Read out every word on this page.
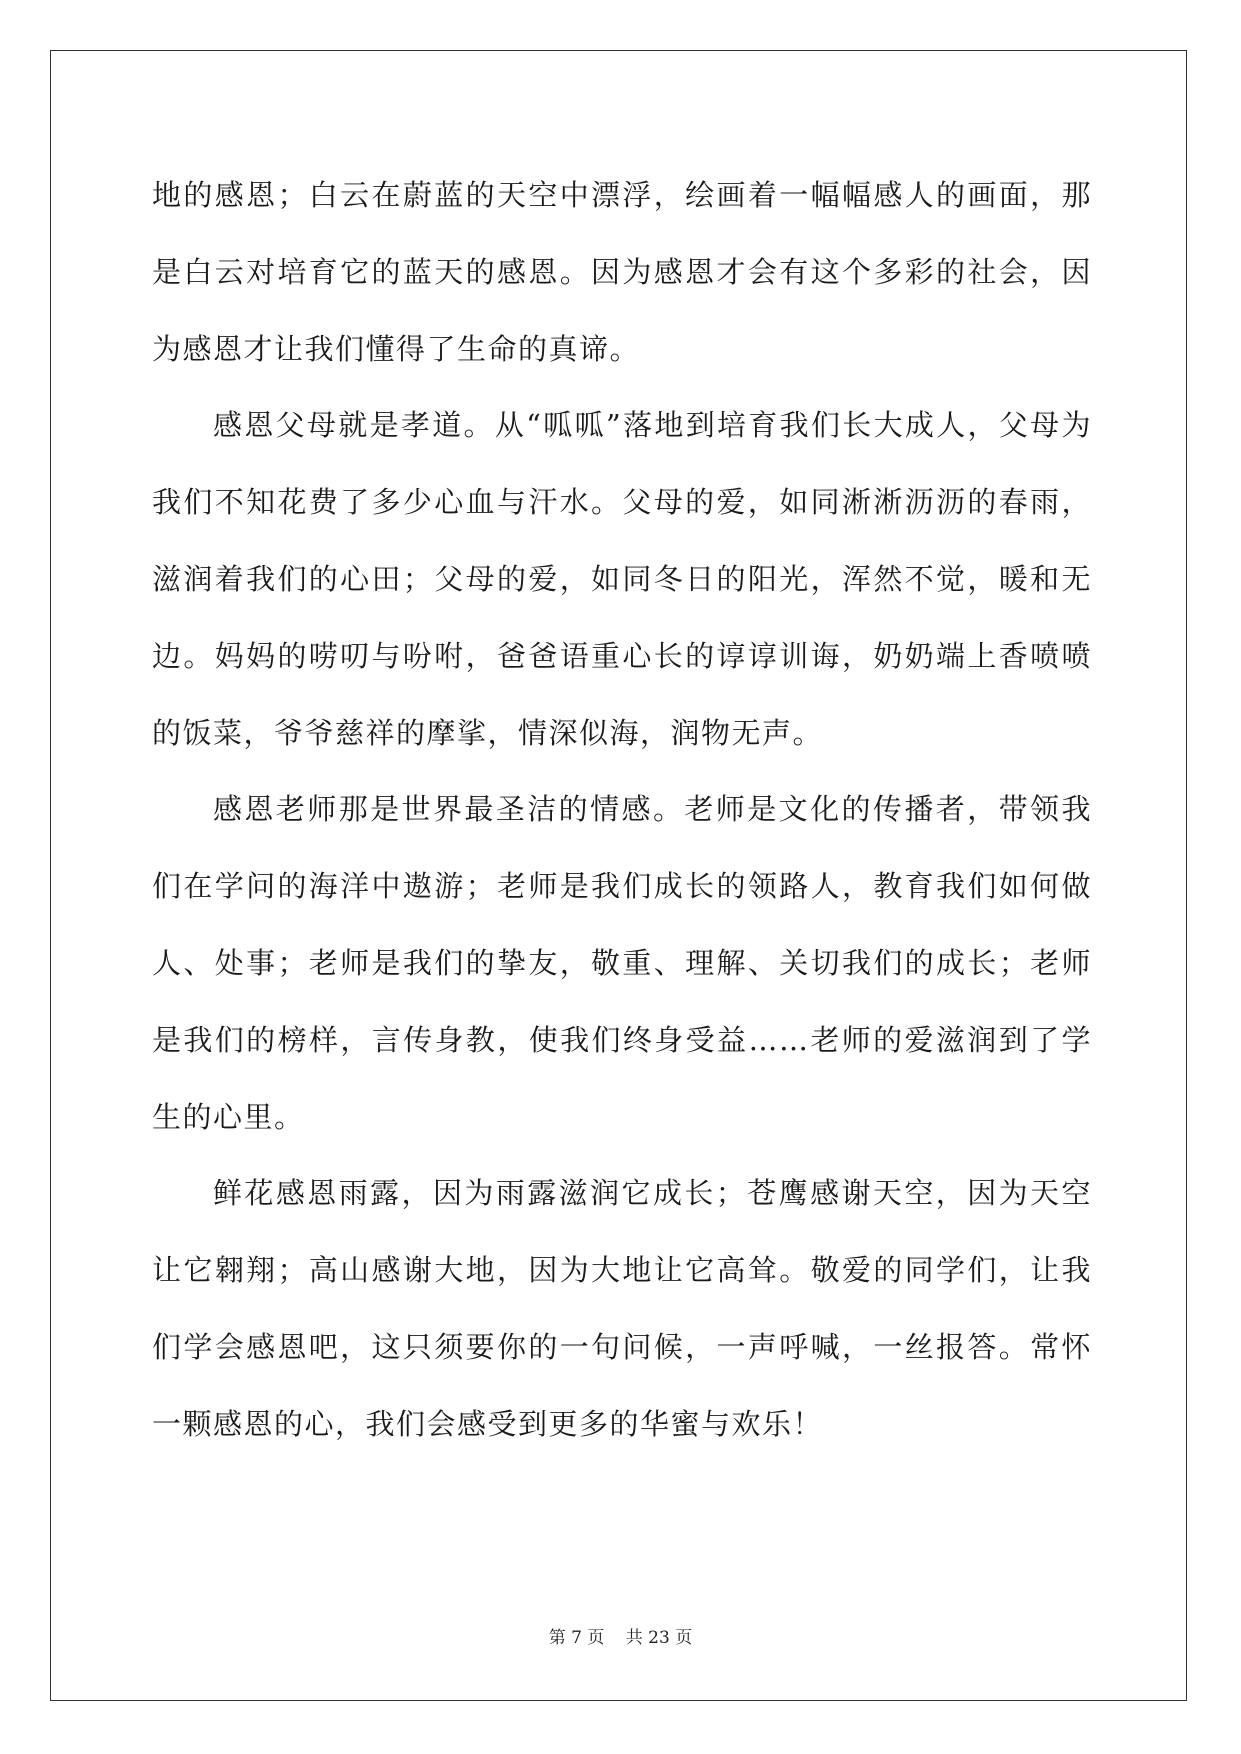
地的感恩；白云在蔚蓝的天空中漂浮，绘画着一幅幅感人的画面，那是白云对培育它的蓝天的感恩。因为感恩才会有这个多彩的社会，因为感恩才让我们懂得了生命的真谛。

感恩父母就是孝道。从“呱呱”落地到培育我们长大成人，父母为我们不知花费了多少心血与汗水。父母的爱，如同淅淅沥沥的春雨，滋润着我们的心田；父母的爱，如同冬日的阳光，浑然不觉，暖和无边。妈妈的唠叨与吩咐，爸爸语重心长的谆谆训诲，奶奶端上香喷喷的饭菜，爷爷慈祥的摩挲，情深似海，润物无声。

感恩老师那是世界最圣洁的情感。老师是文化的传播者，带领我们在学问的海洋中遨游；老师是我们成长的领路人，教育我们如何做人、处事；老师是我们的挚友，敬重、理解、关切我们的成长；老师是我们的榜样，言传身教，使我们终身受益……老师的爱滋润到了学生的心里。

鲜花感恩雨露，因为雨露滋润它成长；苍鹰感谢天空，因为天空让它翱翔；高山感谢大地，因为大地让它高耸。敬爱的同学们，让我们学会感恩吧，这只须要你的一句问候，一声呼喊，一丝报答。常怀一颗感恩的心，我们会感受到更多的华蜜与欢乐！

第 7 页 共 23 页
